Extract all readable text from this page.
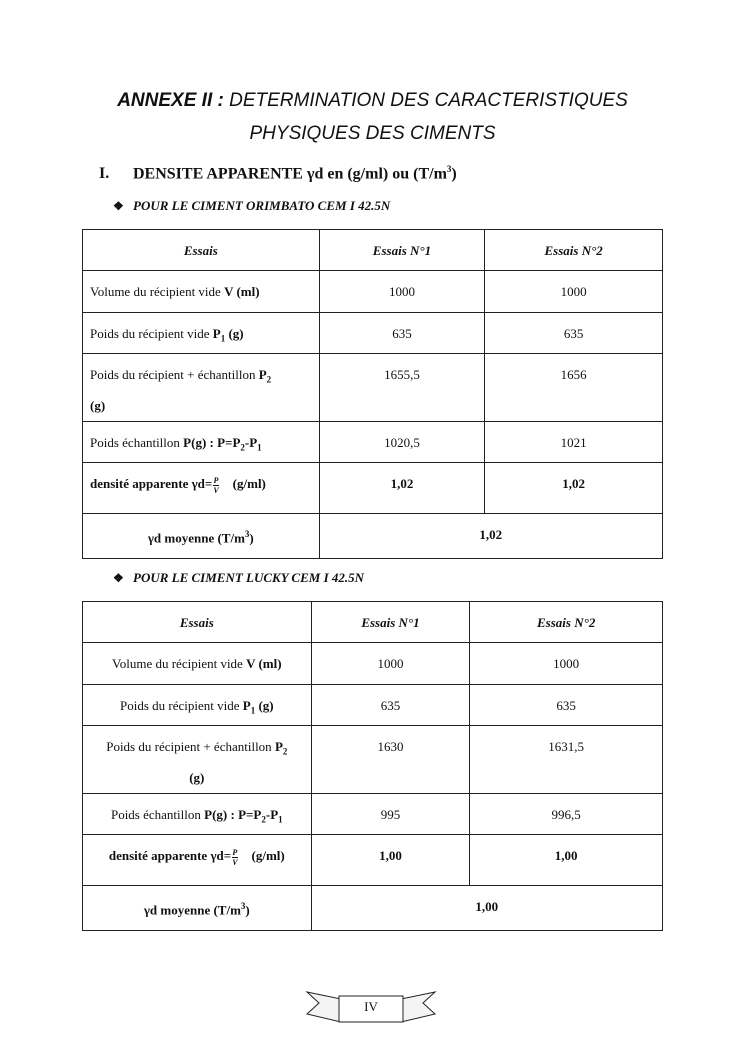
ANNEXE II : DETERMINATION DES CARACTERISTIQUES
PHYSIQUES DES CIMENTS
I. DENSITE APPARENTE γd en (g/ml) ou $(T/m^3)$
❖ POUR LE CIMENT ORIMBATO CEM I 42.5N
Essais	Essais N°1	Essais N°2
Volume du récipient vide V (ml)	1000	1000
Poids du récipient vide $P_1$ (g)	635	635
Poids du récipient + échantillon $P_2$
(g)	1655,5	1656
Poids échantillon P(g) : $P=P_2-P_1$	1020,5	1021
densité apparente $\gamma d= \frac{P}{V} (g/ml)$	1,02	1,02
γd moyenne $(T/m^3)$	1,02	
❖ POUR LE CIMENT LUCKY CEM I 42.5N
Essais	Essais N°1	Essais N°2
Volume du récipient vide V (ml)	1000	1000
Poids du récipient vide $P_1$ (g)	635	635
Poids du récipient + échantillon $P_2$
(g)	1630	1631,5
Poids échantillon P(g) : $P=P_2-P_1$	995	996,5
densité apparente $\gamma d= \frac{P}{V} (g/ml)$	1,00	1,00
γd moyenne $(T/m^3)$	1,00	
IV
